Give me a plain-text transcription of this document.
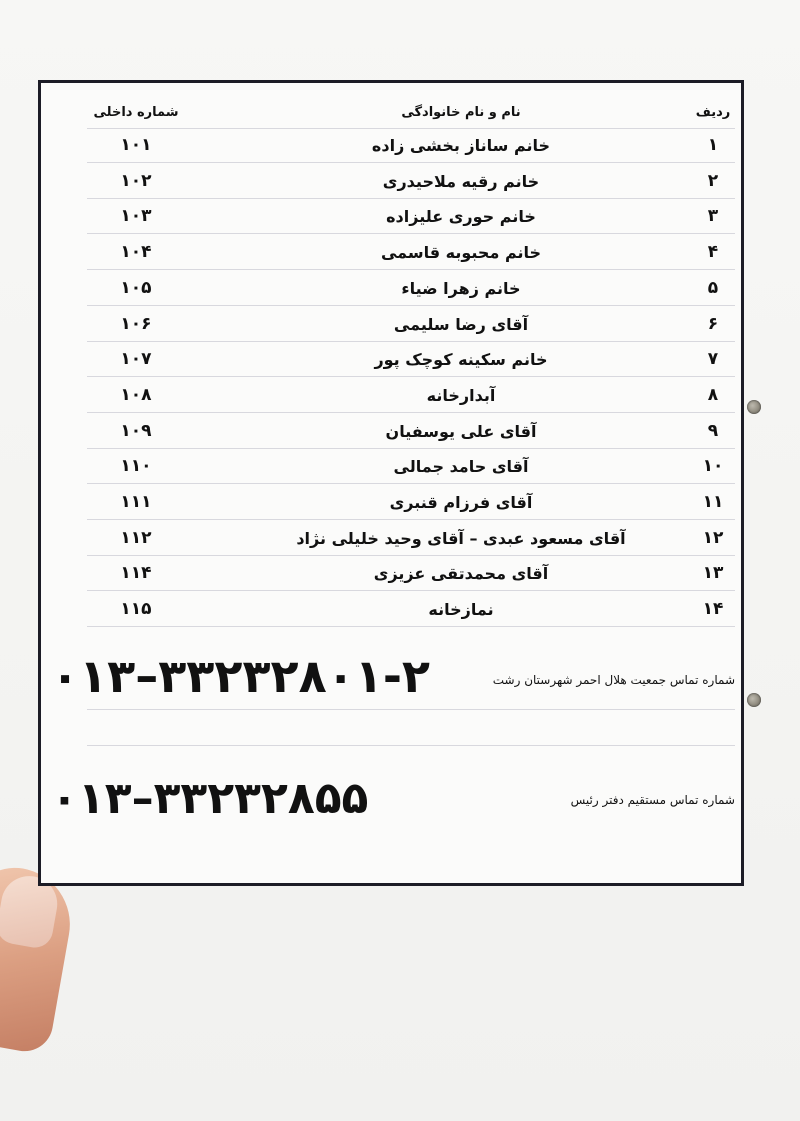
شماره داخلی	نام و نام خانوادگی	ردیف
۱۰۱	خانم ساناز بخشی زاده	۱
۱۰۲	خانم رقیه ملاحیدری	۲
۱۰۳	خانم حوری علیزاده	۳
۱۰۴	خانم محبوبه قاسمی	۴
۱۰۵	خانم زهرا ضیاء	۵
۱۰۶	آقای رضا سلیمی	۶
۱۰۷	خانم سکینه کوچک پور	۷
۱۰۸	آبدارخانه	۸
۱۰۹	آقای علی یوسفیان	۹
۱۱۰	آقای حامد جمالی	۱۰
۱۱۱	آقای فرزام قنبری	۱۱
۱۱۲	آقای مسعود عبدی – آقای وحید خلیلی نژاد	۱۲
۱۱۴	آقای محمدتقی عزیزی	۱۳
۱۱۵	نمازخانه	۱۴
۰۱۳–۳۳۲۳۲۸۰۱-۲	شماره تماس جمعیت هلال احمر شهرستان رشت
۰۱۳–۳۳۲۳۲۸۵۵	شماره تماس مستقیم دفتر رئیس
